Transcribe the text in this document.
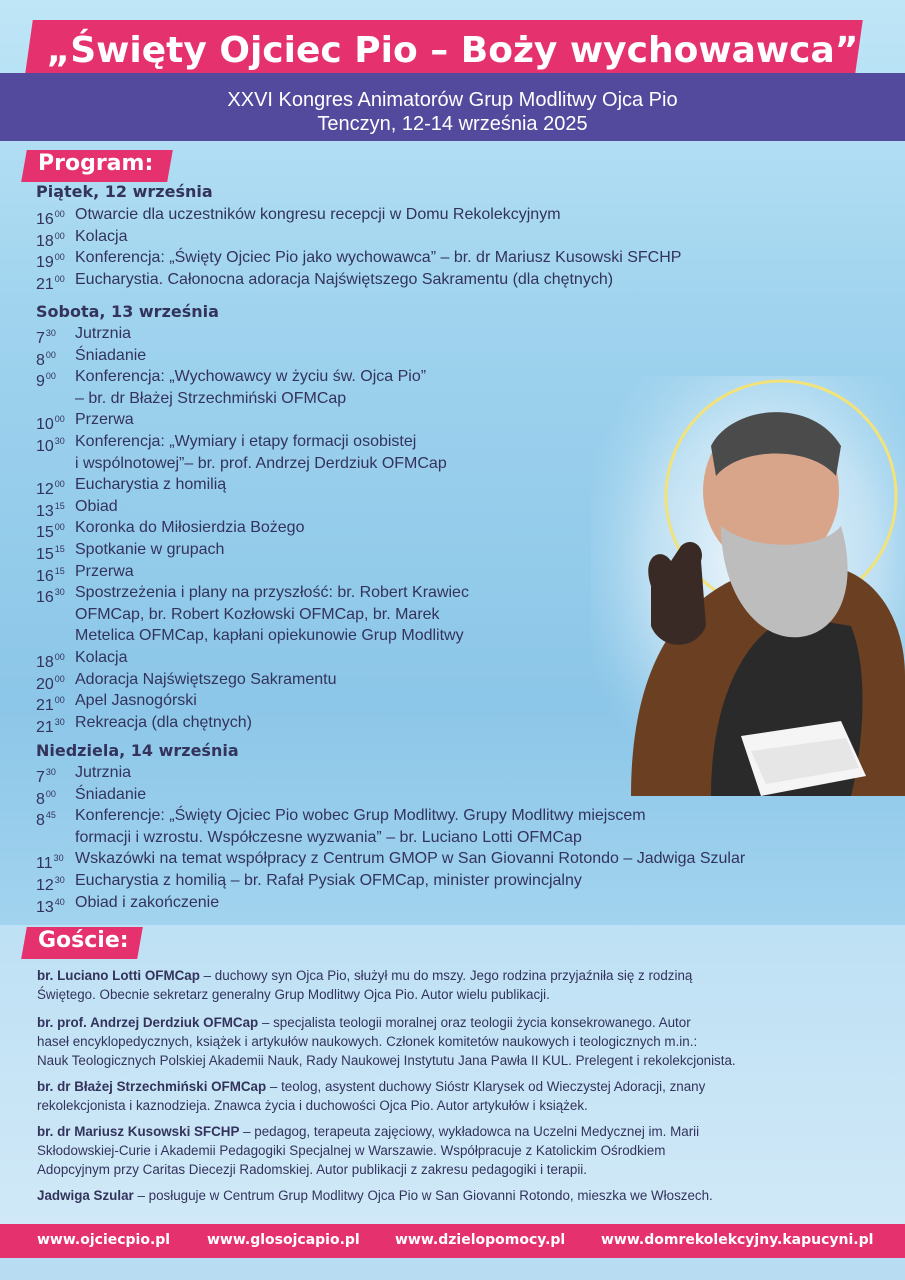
„Święty Ojciec Pio – Boży wychowawca”
XXVI Kongres Animatorów Grup Modlitwy Ojca Pio
Tenczyn, 12-14 września 2025
Program:
Piątek, 12 września
$16^{00}$ Otwarcie dla uczestników kongresu recepcji w Domu Rekolekcyjnym
$18^{00}$ Kolacja
$19^{00}$ Konferencja: „Święty Ojciec Pio jako wychowawca” – br. dr Mariusz Kusowski SFCHP
$21^{00}$ Eucharystia. Całonocna adoracja Najświętszego Sakramentu (dla chętnych)
Sobota, 13 września
$7^{30}$ Jutrznia
$8^{00}$ Śniadanie
$9^{00}$ Konferencja: „Wychowawcy w życiu św. Ojca Pio”
– br. dr Błażej Strzechmiński OFMCap
$10^{00}$ Przerwa
$10^{30}$ Konferencja: „Wymiary i etapy formacji osobistej
i wspólnotowej”– br. prof. Andrzej Derdziuk OFMCap
$12^{00}$ Eucharystia z homilią
$13^{15}$ Obiad
$15^{00}$ Koronka do Miłosierdzia Bożego
$15^{15}$ Spotkanie w grupach
$16^{15}$ Przerwa
$16^{30}$ Spostrzeżenia i plany na przyszłość: br. Robert Krawiec
OFMCap, br. Robert Kozłowski OFMCap, br. Marek
Metelica OFMCap, kapłani opiekunowie Grup Modlitwy
$18^{00}$ Kolacja
$20^{00}$ Adoracja Najświętszego Sakramentu
$21^{00}$ Apel Jasnogórski
$21^{30}$ Rekreacja (dla chętnych)
Niedziela, 14 września
$7^{30}$ Jutrznia
$8^{00}$ Śniadanie
$8^{45}$ Konferencje: „Święty Ojciec Pio wobec Grup Modlitwy. Grupy Modlitwy miejscem
formacji i wzrostu. Współczesne wyzwania” – br. Luciano Lotti OFMCap
$11^{30}$ Wskazówki na temat współpracy z Centrum GMOP w San Giovanni Rotondo – Jadwiga Szular
$12^{30}$ Eucharystia z homilią – br. Rafał Pysiak OFMCap, minister prowincjalny
$13^{40}$ Obiad i zakończenie
Goście:
br. Luciano Lotti OFMCap – duchowy syn Ojca Pio, służył mu do mszy. Jego rodzina przyjaźniła się z rodziną
Świętego. Obecnie sekretarz generalny Grup Modlitwy Ojca Pio. Autor wielu publikacji.
br. prof. Andrzej Derdziuk OFMCap – specjalista teologii moralnej oraz teologii życia konsekrowanego. Autor
haseł encyklopedycznych, książek i artykułów naukowych. Członek komitetów naukowych i teologicznych m.in.:
Nauk Teologicznych Polskiej Akademii Nauk, Rady Naukowej Instytutu Jana Pawła II KUL. Prelegent i rekolekcjonista.
br. dr Błażej Strzechmiński OFMCap – teolog, asystent duchowy Sióstr Klarysek od Wieczystej Adoracji, znany
rekolekcjonista i kaznodzieja. Znawca życia i duchowości Ojca Pio. Autor artykułów i książek.
br. dr Mariusz Kusowski SFCHP – pedagog, terapeuta zajęciowy, wykładowca na Uczelni Medycznej im. Marii
Skłodowskiej-Curie i Akademii Pedagogiki Specjalnej w Warszawie. Współpracuje z Katolickim Ośrodkiem
Adopcyjnym przy Caritas Diecezji Radomskiej. Autor publikacji z zakresu pedagogiki i terapii.
Jadwiga Szular – posługuje w Centrum Grup Modlitwy Ojca Pio w San Giovanni Rotondo, mieszka we Włoszech.
www.ojciecpio.pl	www.glosojcapio.pl	www.dzielopomocy.pl	www.domrekolekcyjny.kapucyni.pl
